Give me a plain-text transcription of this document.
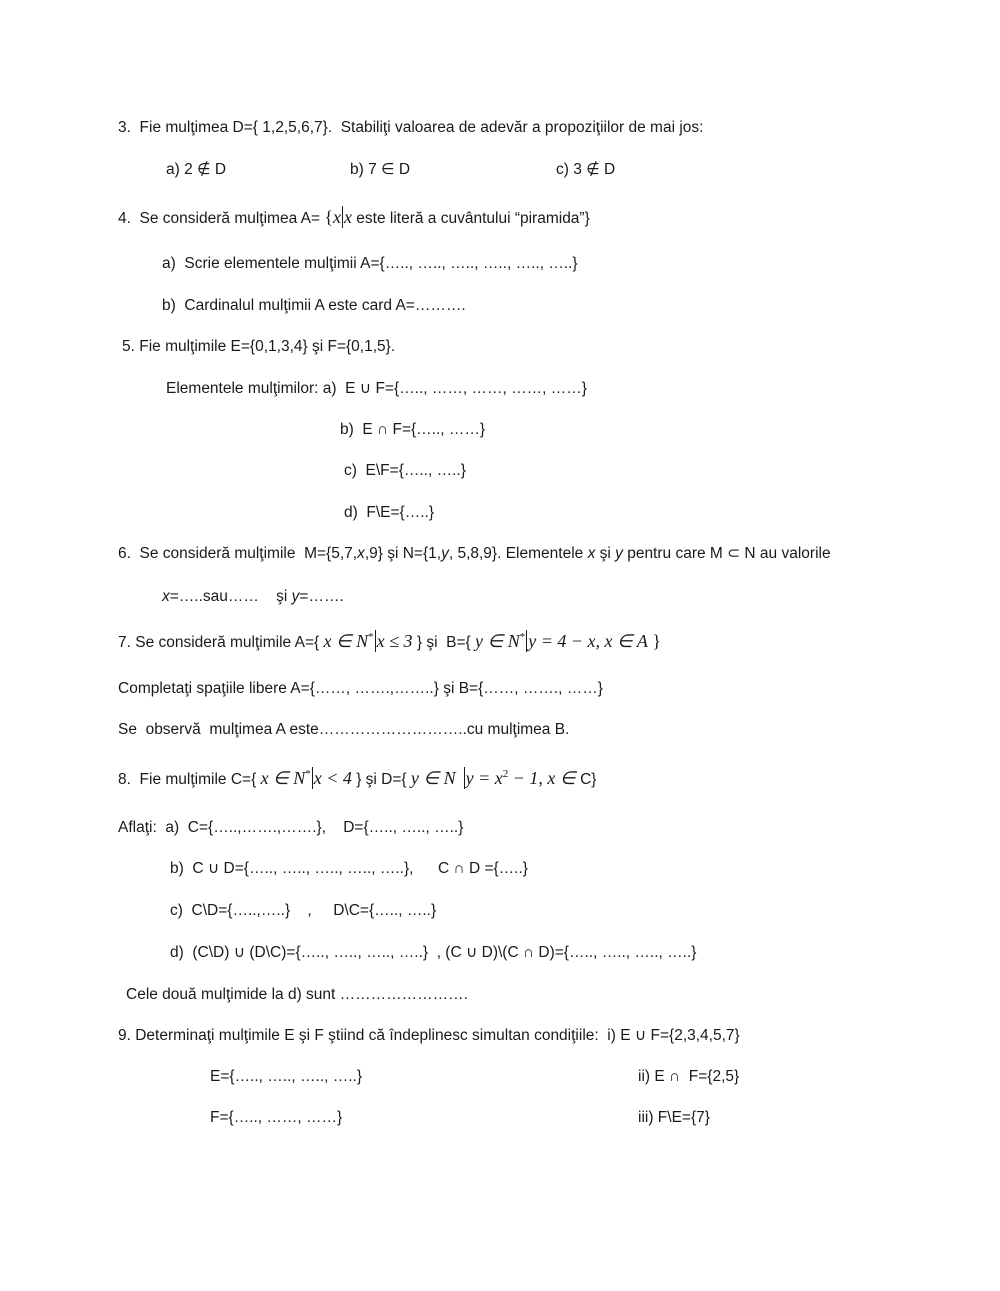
3.  Fie mulţimea D={ 1,2,5,6,7}.  Stabiliţi valoarea de adevăr a propoziţiilor de mai jos:
a) 2 ∉ D	b) 7 ∈ D	c) 3 ∉ D
4.  Se consideră mulţimea A= {x x este literă a cuvântului “piramida”}
a)  Scrie elementele mulţimii A={….., ….., ….., ….., ….., …..}
b)  Cardinalul mulţimii A este card A=……….
5. Fie mulţimile E={0,1,3,4} şi F={0,1,5}.
Elementele mulţimilor: a)  E ∪ F={….., ……, ……, ……, ……}
b)  E ∩ F={….., ……}
c)  E\F={….., …..}
d)  F\E={…..}
6.  Se consideră mulţimile  M={5,7,x,9} şi N={1,y, 5,8,9}. Elementele x şi y pentru care M ⊂ N au valorile
x=…..sau……    şi y=…….
7. Se consideră mulţimile A={ x ∈ N* x ≤ 3 } şi  B={ y ∈ N* y = 4 − x, x ∈ A }
Completaţi spaţiile libere A={……, …….,……..} şi B={……, ……., ……}
Se  observă  mulţimea A este………………………..cu mulţimea B.
8.  Fie mulţimile C={ x ∈ N* x < 4 } şi D={ y ∈ N $y = x^2 - 1$, x ∈ C}
Aflaţi:  a)  C={…..,…….,…….},    D={….., ….., …..}
b)  C ∪ D={….., ….., ….., ….., …..}, C ∩ D ={…..}
c)  C\D={…..,…..}    ,     D\C={….., …..}
d)  (C\D) ∪ (D\C)={….., ….., ….., …..}  , (C ∪ D)\(C ∩ D)={….., ….., ….., …..}
Cele două mulţimide la d) sunt …………………….
9. Determinaţi mulţimile E şi F ştiind că îndeplinesc simultan condiţiile:  i) E ∪ F={2,3,4,5,7}
E={….., ….., ….., …..}	ii) E ∩  F={2,5}
F={….., ……, ……}	iii) F\E={7}
